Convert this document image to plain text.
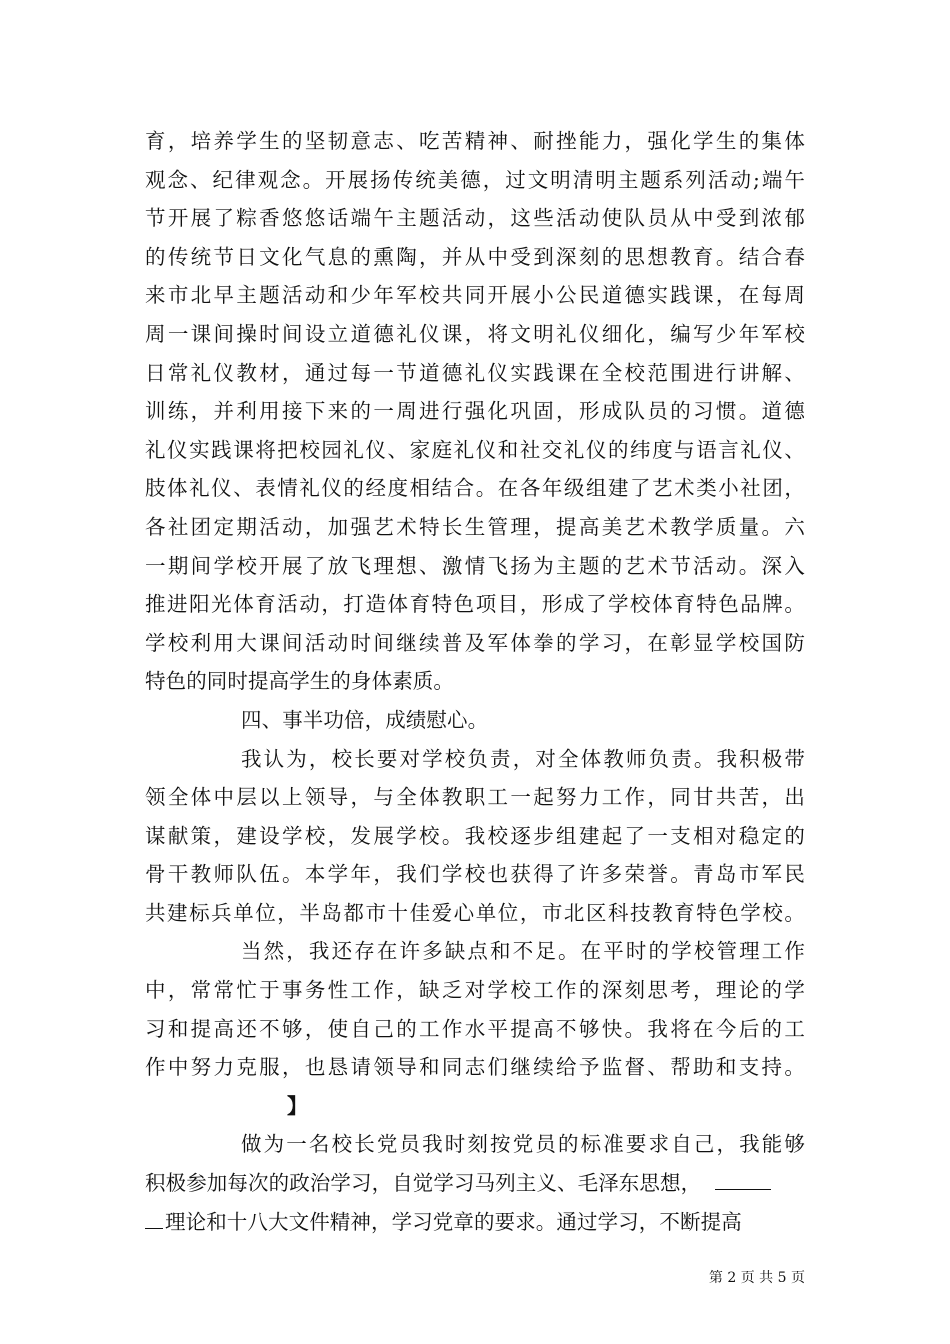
育，培养学生的坚韧意志、吃苦精神、耐挫能力，强化学生的集体
观念、纪律观念。开展扬传统美德，过文明清明主题系列活动;端午
节开展了粽香悠悠话端午主题活动，这些活动使队员从中受到浓郁
的传统节日文化气息的熏陶，并从中受到深刻的思想教育。结合春
来市北早主题活动和少年军校共同开展小公民道德实践课，在每周
周一课间操时间设立道德礼仪课，将文明礼仪细化，编写少年军校
日常礼仪教材，通过每一节道德礼仪实践课在全校范围进行讲解、
训练，并利用接下来的一周进行强化巩固，形成队员的习惯。道德
礼仪实践课将把校园礼仪、家庭礼仪和社交礼仪的纬度与语言礼仪、
肢体礼仪、表情礼仪的经度相结合。在各年级组建了艺术类小社团，
各社团定期活动，加强艺术特长生管理，提高美艺术教学质量。六
一期间学校开展了放飞理想、激情飞扬为主题的艺术节活动。深入
推进阳光体育活动，打造体育特色项目，形成了学校体育特色品牌。
学校利用大课间活动时间继续普及军体拳的学习，在彰显学校国防
特色的同时提高学生的身体素质。
四、事半功倍，成绩慰心。
我认为，校长要对学校负责，对全体教师负责。我积极带
领全体中层以上领导，与全体教职工一起努力工作，同甘共苦，出
谋献策，建设学校，发展学校。我校逐步组建起了一支相对稳定的
骨干教师队伍。本学年，我们学校也获得了许多荣誉。青岛市军民
共建标兵单位，半岛都市十佳爱心单位，市北区科技教育特色学校。
当然，我还存在许多缺点和不足。在平时的学校管理工作
中，常常忙于事务性工作，缺乏对学校工作的深刻思考，理论的学
习和提高还不够，使自己的工作水平提高不够快。我将在今后的工
作中努力克服，也恳请领导和同志们继续给予监督、帮助和支持。
】
做为一名校长党员我时刻按党员的标准要求自己，我能够
积极参加每次的政治学习，自觉学习马列主义、毛泽东思想，
理论和十八大文件精神，学习党章的要求。通过学习，不断提高
第 2 页 共 5 页
